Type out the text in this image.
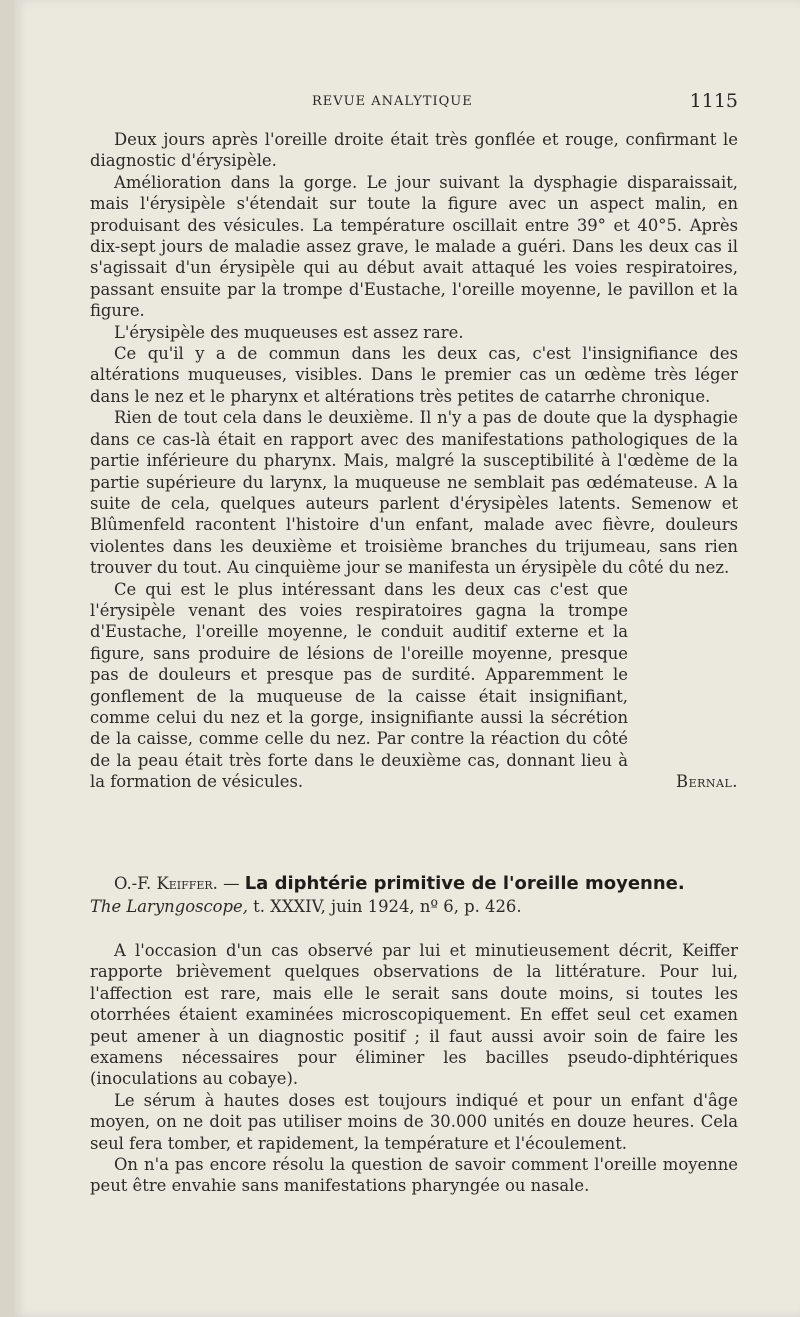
REVUE ANALYTIQUE	1115

Deux jours après l'oreille droite était très gonflée et rouge, confirmant le diagnostic d'érysipèle.

Amélioration dans la gorge. Le jour suivant la dysphagie disparaissait, mais l'érysipèle s'étendait sur toute la figure avec un aspect malin, en produisant des vésicules. La température oscillait entre 39° et 40°5. Après dix-sept jours de maladie assez grave, le malade a guéri. Dans les deux cas il s'agissait d'un érysipèle qui au début avait attaqué les voies respiratoires, passant ensuite par la trompe d'Eustache, l'oreille moyenne, le pavillon et la figure.

L'érysipèle des muqueuses est assez rare.

Ce qu'il y a de commun dans les deux cas, c'est l'insignifiance des altérations muqueuses, visibles. Dans le premier cas un œdème très léger dans le nez et le pharynx et altérations très petites de catarrhe chronique.

Rien de tout cela dans le deuxième. Il n'y a pas de doute que la dysphagie dans ce cas-là était en rapport avec des manifestations pathologiques de la partie inférieure du pharynx. Mais, malgré la susceptibilité à l'œdème de la partie supérieure du larynx, la muqueuse ne semblait pas œdémateuse. A la suite de cela, quelques auteurs parlent d'érysipèles latents. Semenow et Blûmenfeld racontent l'histoire d'un enfant, malade avec fièvre, douleurs violentes dans les deuxième et troisième branches du trijumeau, sans rien trouver du tout. Au cinquième jour se manifesta un érysipèle du côté du nez.

Ce qui est le plus intéressant dans les deux cas c'est que l'érysipèle venant des voies respiratoires gagna la trompe d'Eustache, l'oreille moyenne, le conduit auditif externe et la figure, sans produire de lésions de l'oreille moyenne, presque pas de douleurs et presque pas de surdité. Apparemment le gonflement de la muqueuse de la caisse était insignifiant, comme celui du nez et la gorge, insignifiante aussi la sécrétion de la caisse, comme celle du nez. Par contre la réaction du côté de la peau était très forte dans le deuxième cas, donnant lieu à la formation de vésicules.	Bernal.

O.-F. Keiffer. — La diphtérie primitive de l'oreille moyenne.
The Laryngoscope, t. XXXIV, juin 1924, nº 6, p. 426.

A l'occasion d'un cas observé par lui et minutieusement décrit, Keiffer rapporte brièvement quelques observations de la littérature. Pour lui, l'affection est rare, mais elle le serait sans doute moins, si toutes les otorrhées étaient examinées microscopiquement. En effet seul cet examen peut amener à un diagnostic positif ; il faut aussi avoir soin de faire les examens nécessaires pour éliminer les bacilles pseudo-diphtériques (inoculations au cobaye).

Le sérum à hautes doses est toujours indiqué et pour un enfant d'âge moyen, on ne doit pas utiliser moins de 30.000 unités en douze heures. Cela seul fera tomber, et rapidement, la température et l'écoulement.

On n'a pas encore résolu la question de savoir comment l'oreille moyenne peut être envahie sans manifestations pharyngée ou nasale.
